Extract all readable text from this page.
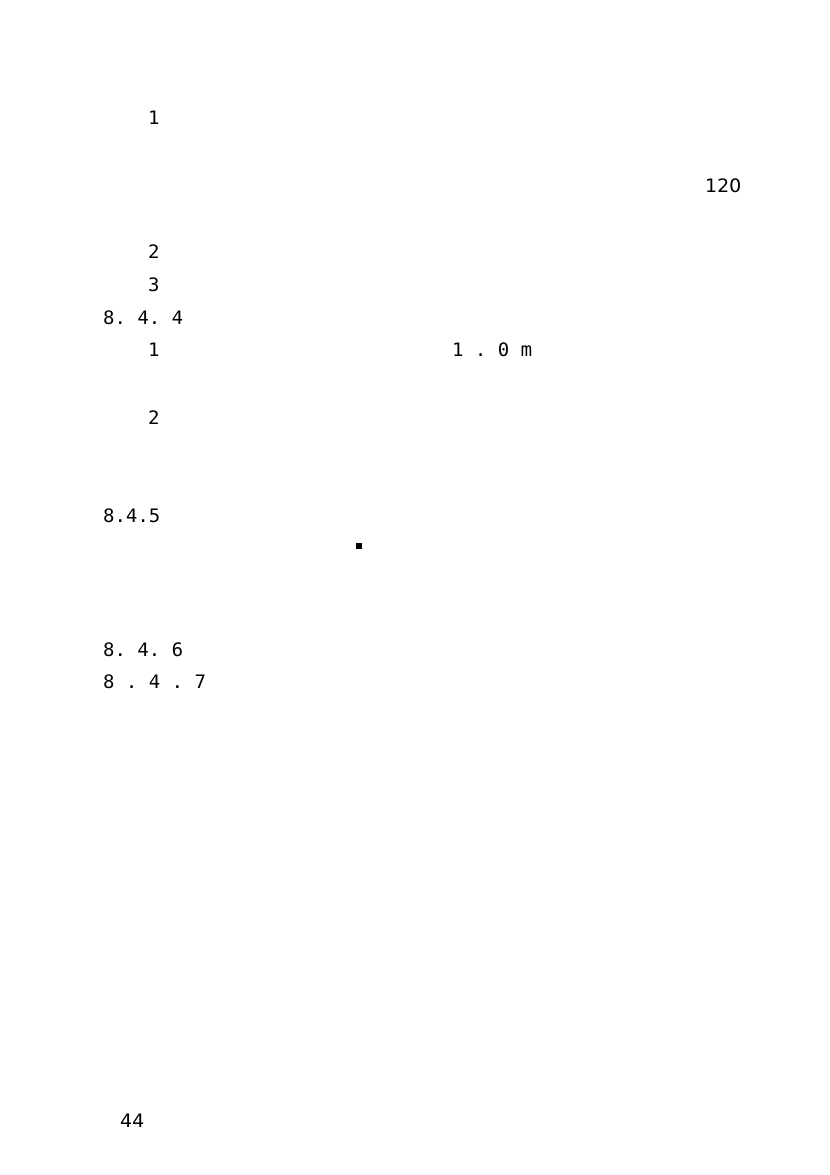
1
120
2
3
8. 4. 4
1	1 . 0 m
2
8.4.5
8. 4. 6
8 . 4 . 7
44
